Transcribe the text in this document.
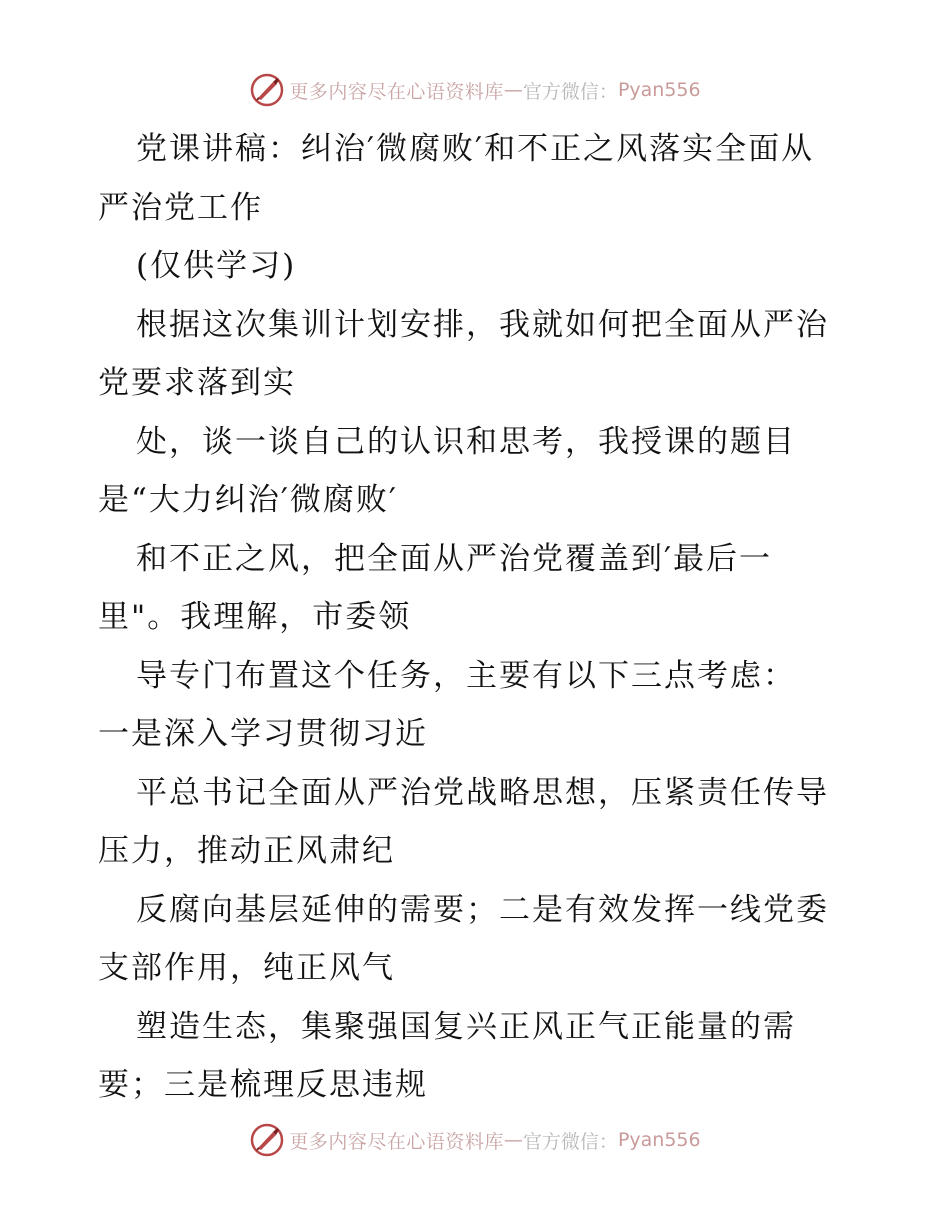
更多内容尽在心语资料库 — 官方微信： Pyan556
党课讲稿：纠治′微腐败′和不正之风落实全面从
严治党工作
(仅供学习)
根据这次集训计划安排，我就如何把全面从严治
党要求落到实
处，谈一谈自己的认识和思考，我授课的题目
是“大力纠治′微腐败′
和不正之风，把全面从严治党覆盖到′最后一
里"。我理解，市委领
导专门布置这个任务，主要有以下三点考虑：
一是深入学习贯彻习近
平总书记全面从严治党战略思想，压紧责任传导
压力，推动正风肃纪
反腐向基层延伸的需要；二是有效发挥一线党委
支部作用，纯正风气
塑造生态，集聚强国复兴正风正气正能量的需
要；三是梳理反思违规
更多内容尽在心语资料库 — 官方微信： Pyan556
